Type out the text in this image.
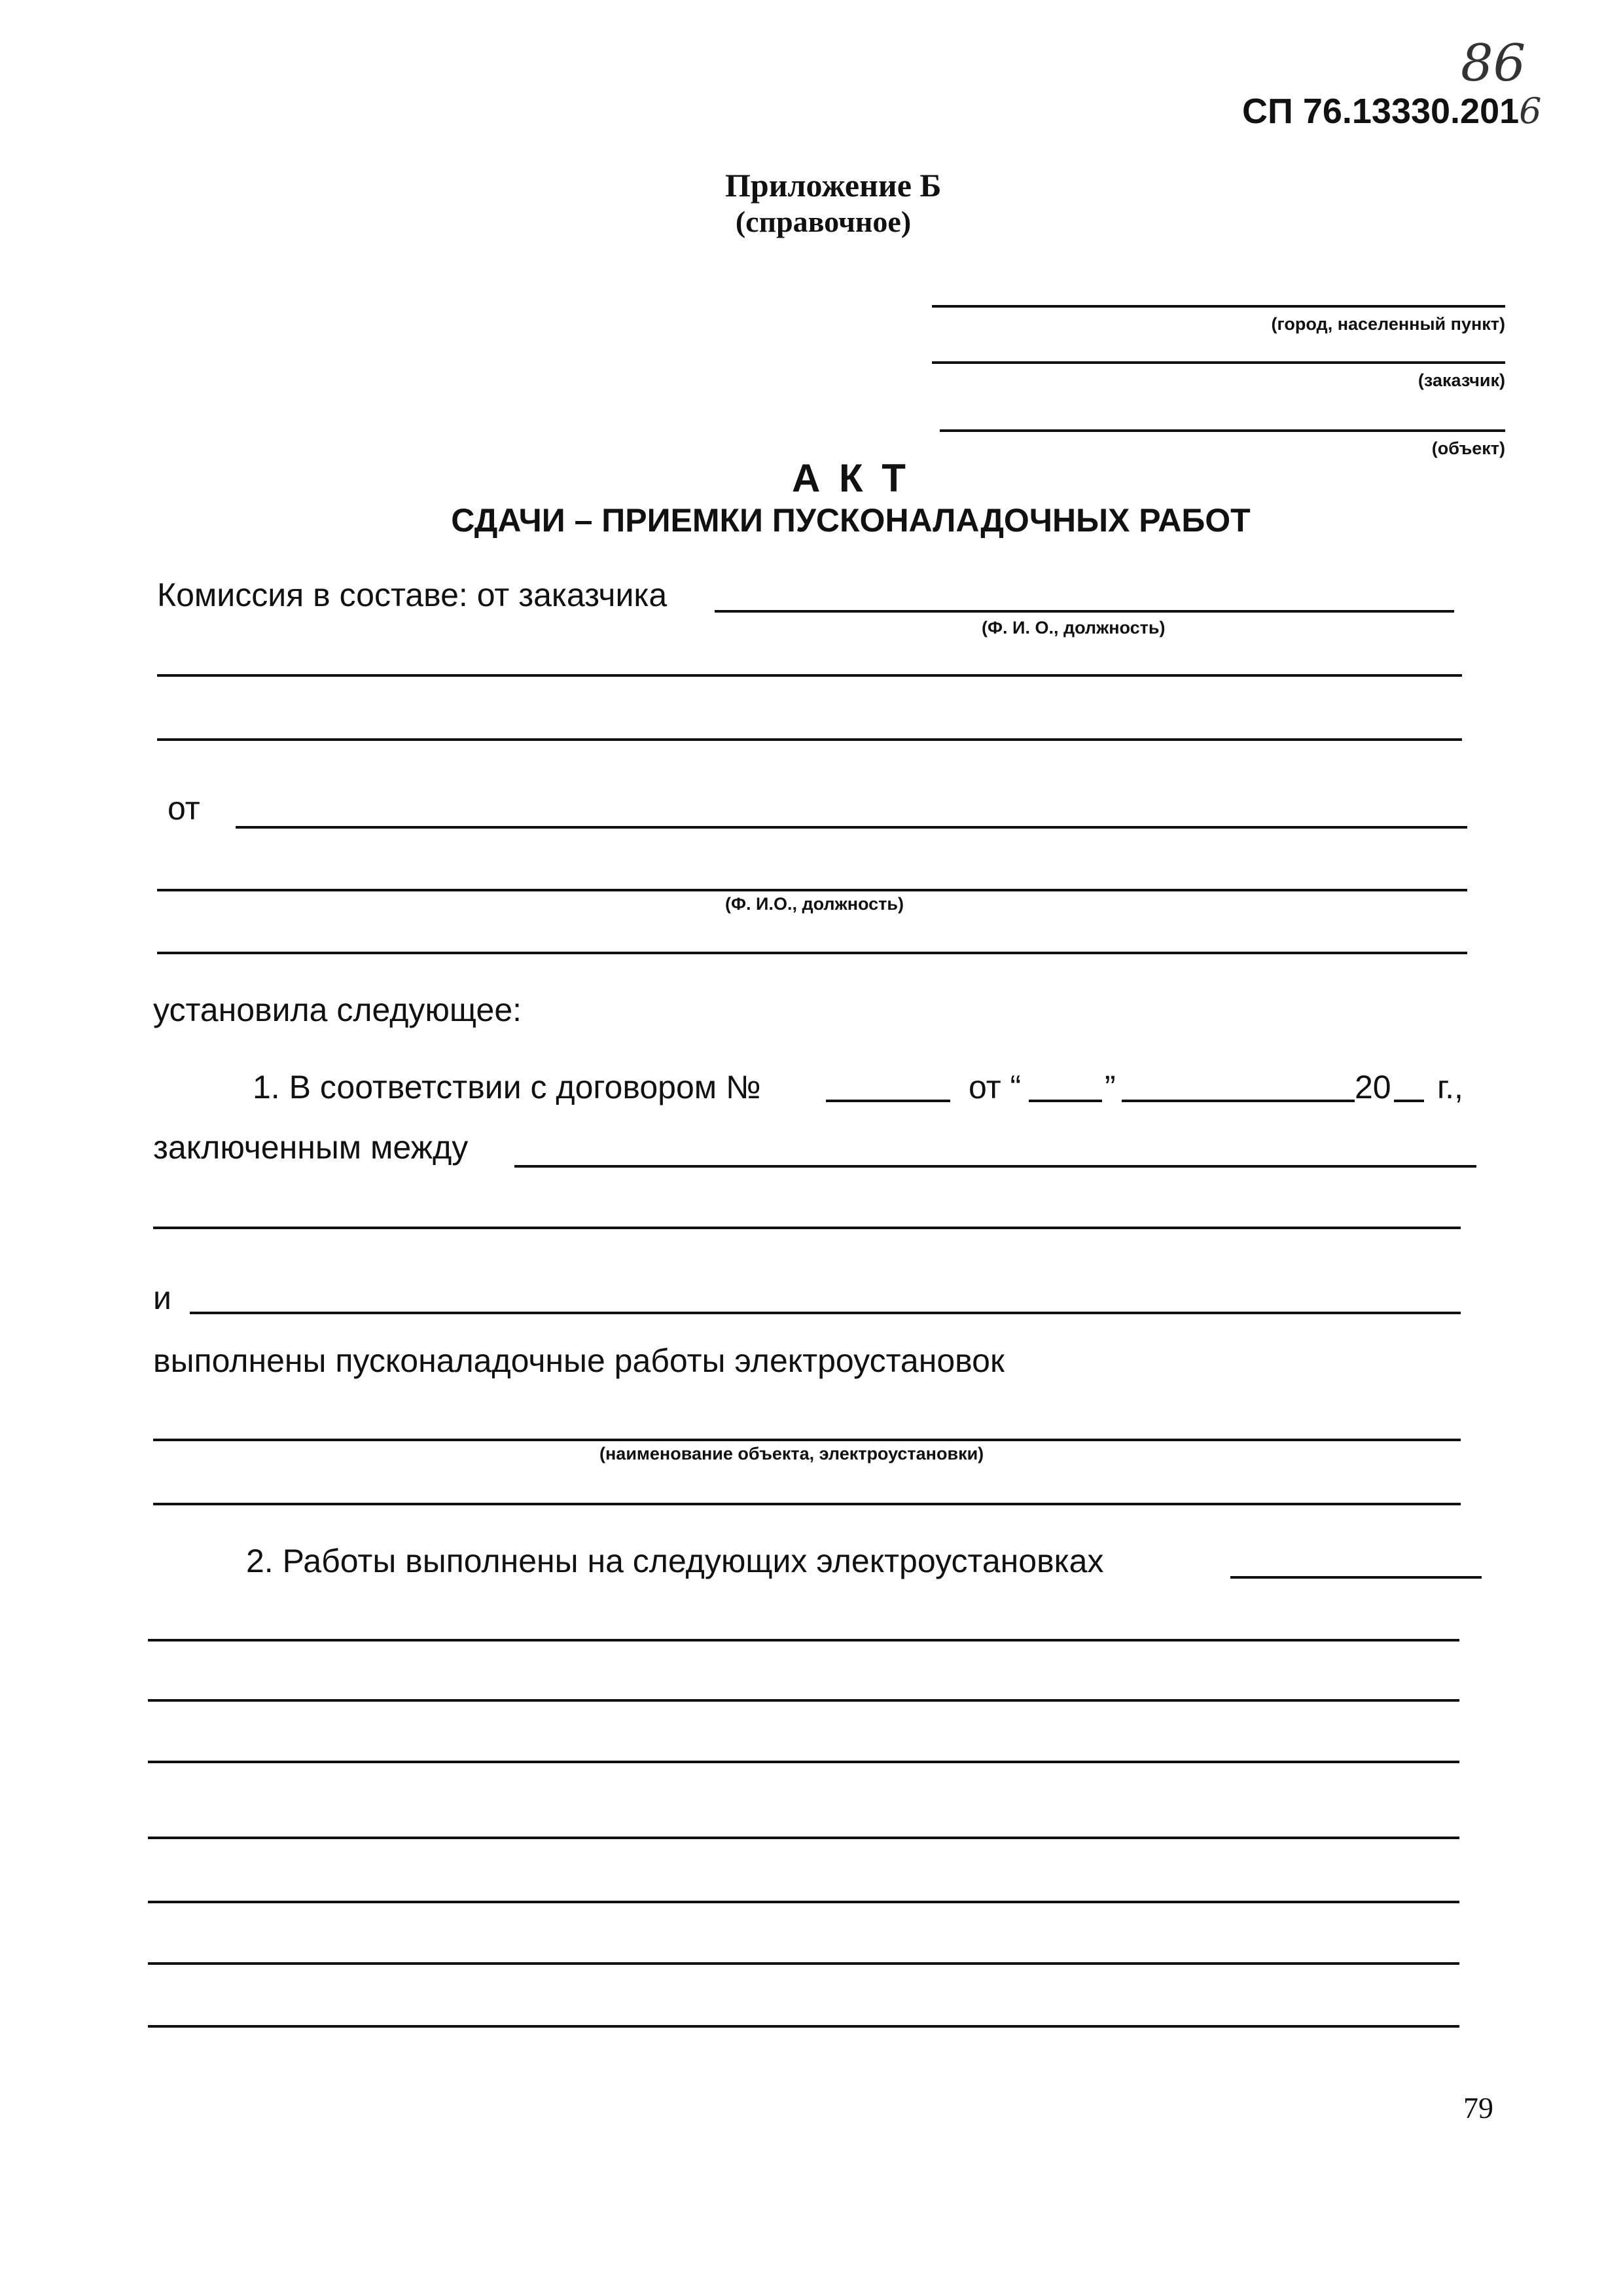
86
СП 76.13330.2016
Приложение Б
(справочное)
(город, населенный пункт)
(заказчик)
(объект)
А К Т
СДАЧИ – ПРИЕМКИ ПУСКОНАЛАДОЧНЫХ РАБОТ
Комиссия в составе: от заказчика
(Ф. И. О., должность)
от
(Ф. И.О., должность)
установила следующее:
1. В соответствии с договором №	от “	”	20 г.,
заключенным между
и
выполнены пусконаладочные работы электроустановок
(наименование объекта, электроустановки)
2. Работы выполнены на следующих электроустановках
79
